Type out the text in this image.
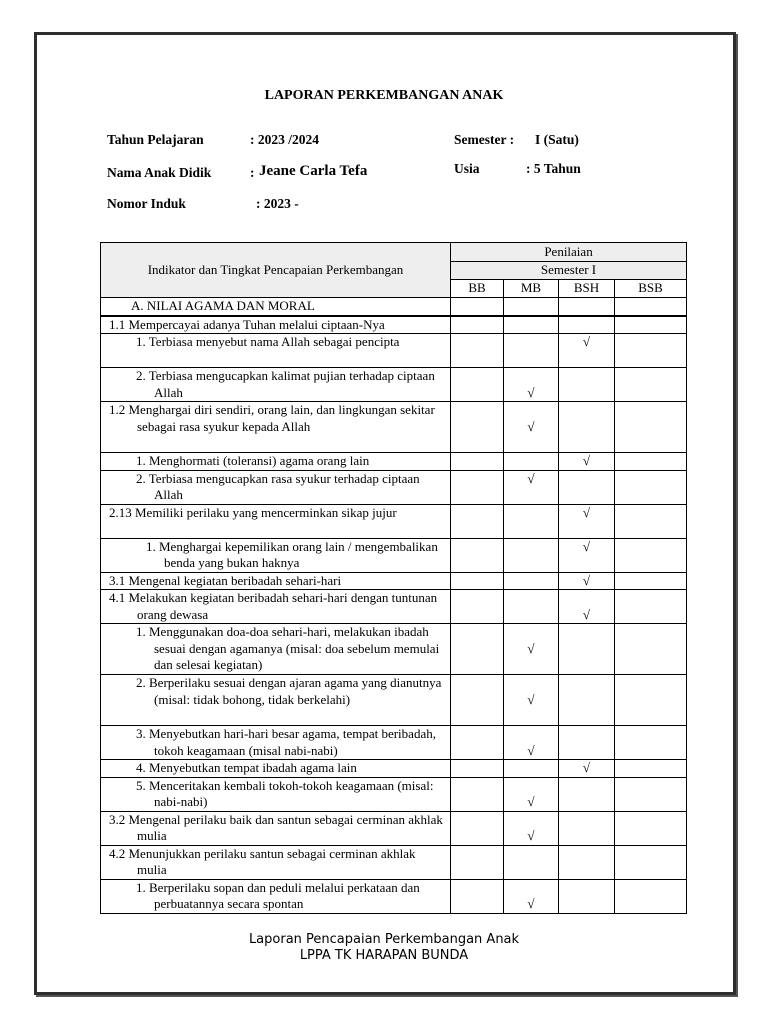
LAPORAN PERKEMBANGAN ANAK
Tahun Pelajaran	: 2023 /2024	Semester : I (Satu)
Nama Anak Didik	: Jeane Carla Tefa	Usia	: 5 Tahun
Nomor Induk	: 2023 -
Indikator dan Tingkat Pencapaian Perkembangan	Penilaian			
	Semester I			
	BB	MB	BSH	BSB
A. NILAI AGAMA DAN MORAL				
1.1 Mempercayai adanya Tuhan melalui ciptaan-Nya				
1. Terbiasa menyebut nama Allah sebagai pencipta			√	
2. Terbiasa mengucapkan kalimat pujian terhadap ciptaan Allah		√		
1.2 Menghargai diri sendiri, orang lain, dan lingkungan sekitar sebagai rasa syukur kepada Allah		√		
1. Menghormati (toleransi) agama orang lain			√	
2. Terbiasa mengucapkan rasa syukur terhadap ciptaan Allah		√		
2.13 Memiliki perilaku yang mencerminkan sikap jujur			√	
1. Menghargai kepemilikan orang lain / mengembalikan benda yang bukan haknya			√	
3.1 Mengenal kegiatan beribadah sehari-hari			√	
4.1 Melakukan kegiatan beribadah sehari-hari dengan tuntunan orang dewasa			√	
1. Menggunakan doa-doa sehari-hari, melakukan ibadah sesuai dengan agamanya (misal: doa sebelum memulai dan selesai kegiatan)		√		
2. Berperilaku sesuai dengan ajaran agama yang dianutnya (misal: tidak bohong, tidak berkelahi)		√		
3. Menyebutkan hari-hari besar agama, tempat beribadah, tokoh keagamaan (misal nabi-nabi)		√		
4. Menyebutkan tempat ibadah agama lain			√	
5. Menceritakan kembali tokoh-tokoh keagamaan (misal: nabi-nabi)		√		
3.2 Mengenal perilaku baik dan santun sebagai cerminan akhlak mulia		√		
4.2 Menunjukkan perilaku santun sebagai cerminan akhlak mulia				
1. Berperilaku sopan dan peduli melalui perkataan dan perbuatannya secara spontan		√		
Laporan Pencapaian Perkembangan Anak
LPPA TK HARAPAN BUNDA
